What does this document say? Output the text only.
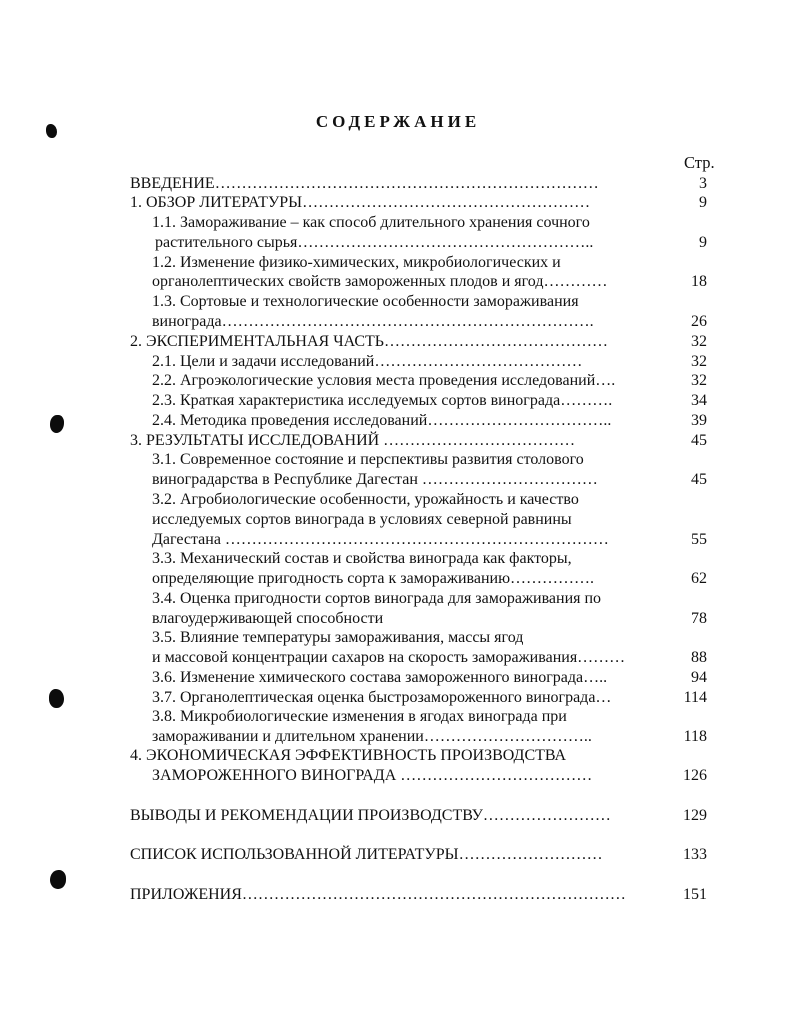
СОДЕРЖАНИЕ
Стр.
ВВЕДЕНИЕ………………………………………………………………	3
1. ОБЗОР ЛИТЕРАТУРЫ………………………………………………	9
1.1. Замораживание – как способ длительного хранения сочного
растительного сырья………………………………………………..	9
1.2. Изменение физико-химических, микробиологических и
органолептических свойств замороженных плодов и ягод…………	18
1.3. Сортовые и технологические особенности замораживания
винограда…………………………………………………………….	26
2. ЭКСПЕРИМЕНТАЛЬНАЯ ЧАСТЬ……………………………………	32
2.1. Цели и задачи исследований…………………………………	32
2.2. Агроэкологические условия места проведения исследований….	32
2.3. Краткая характеристика исследуемых сортов винограда……….	34
2.4. Методика проведения исследований……………………………..	39
3. РЕЗУЛЬТАТЫ ИССЛЕДОВАНИЙ ………………………………	45
3.1. Современное состояние и перспективы развития столового
виноградарства в Республике Дагестан ……………………………	45
3.2. Агробиологические особенности, урожайность и качество
исследуемых сортов винограда в условиях северной равнины
Дагестана ………………………………………………………………	55
3.3. Механический состав и свойства винограда как факторы,
определяющие пригодность сорта к замораживанию…………….	62
3.4. Оценка пригодности сортов винограда для замораживания по
влагоудерживающей способности	78
3.5. Влияние температуры замораживания, массы ягод
и массовой концентрации сахаров на скорость замораживания………	88
3.6. Изменение химического состава замороженного винограда…..	94
3.7. Органолептическая оценка быстрозамороженного винограда…	114
3.8. Микробиологические изменения в ягодах винограда при
замораживании и длительном хранении…………………………..	118
4. ЭКОНОМИЧЕСКАЯ ЭФФЕКТИВНОСТЬ ПРОИЗВОДСТВА
ЗАМОРОЖЕННОГО ВИНОГРАДА ………………………………	126
ВЫВОДЫ И РЕКОМЕНДАЦИИ ПРОИЗВОДСТВУ……………………	129
СПИСОК ИСПОЛЬЗОВАННОЙ ЛИТЕРАТУРЫ………………………	133
ПРИЛОЖЕНИЯ………………………………………………………………	151
